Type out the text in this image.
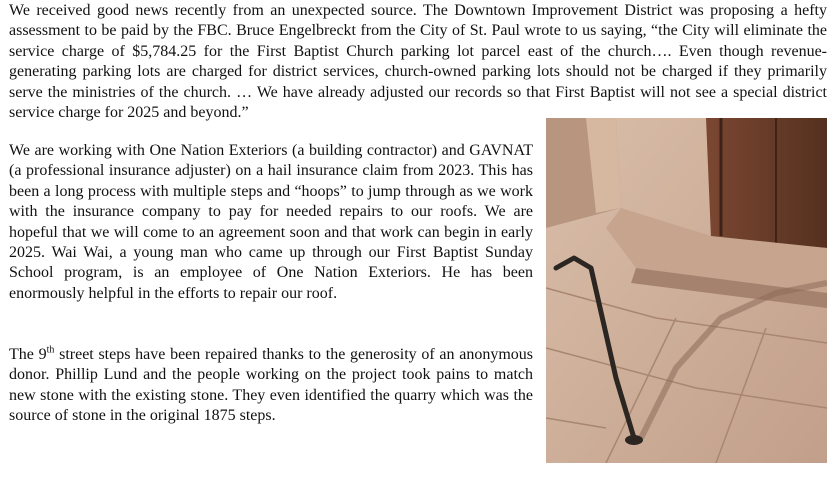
We received good news recently from an unexpected source. The Downtown Improvement District was proposing a hefty assessment to be paid by the FBC. Bruce Engelbreckt from the City of St. Paul wrote to us saying, “the City will eliminate the service charge of $5,784.25 for the First Baptist Church parking lot parcel east of the church…. Even though revenue-generating parking lots are charged for district services, church-owned parking lots should not be charged if they primarily serve the ministries of the church. … We have already adjusted our records so that First Baptist will not see a special district service charge for 2025 and beyond.”

We are working with One Nation Exteriors (a building contractor) and GAVNAT (a professional insurance adjuster) on a hail insurance claim from 2023. This has been a long process with multiple steps and “hoops” to jump through as we work with the insurance company to pay for needed repairs to our roofs. We are hopeful that we will come to an agreement soon and that work can begin in early 2025. Wai Wai, a young man who came up through our First Baptist Sunday School program, is an employee of One Nation Exteriors. He has been enormously helpful in the efforts to repair our roof.

The 9th street steps have been repaired thanks to the generosity of an anonymous donor. Phillip Lund and the people working on the project took pains to match new stone with the existing stone. They even identified the quarry which was the source of stone in the original 1875 steps.
